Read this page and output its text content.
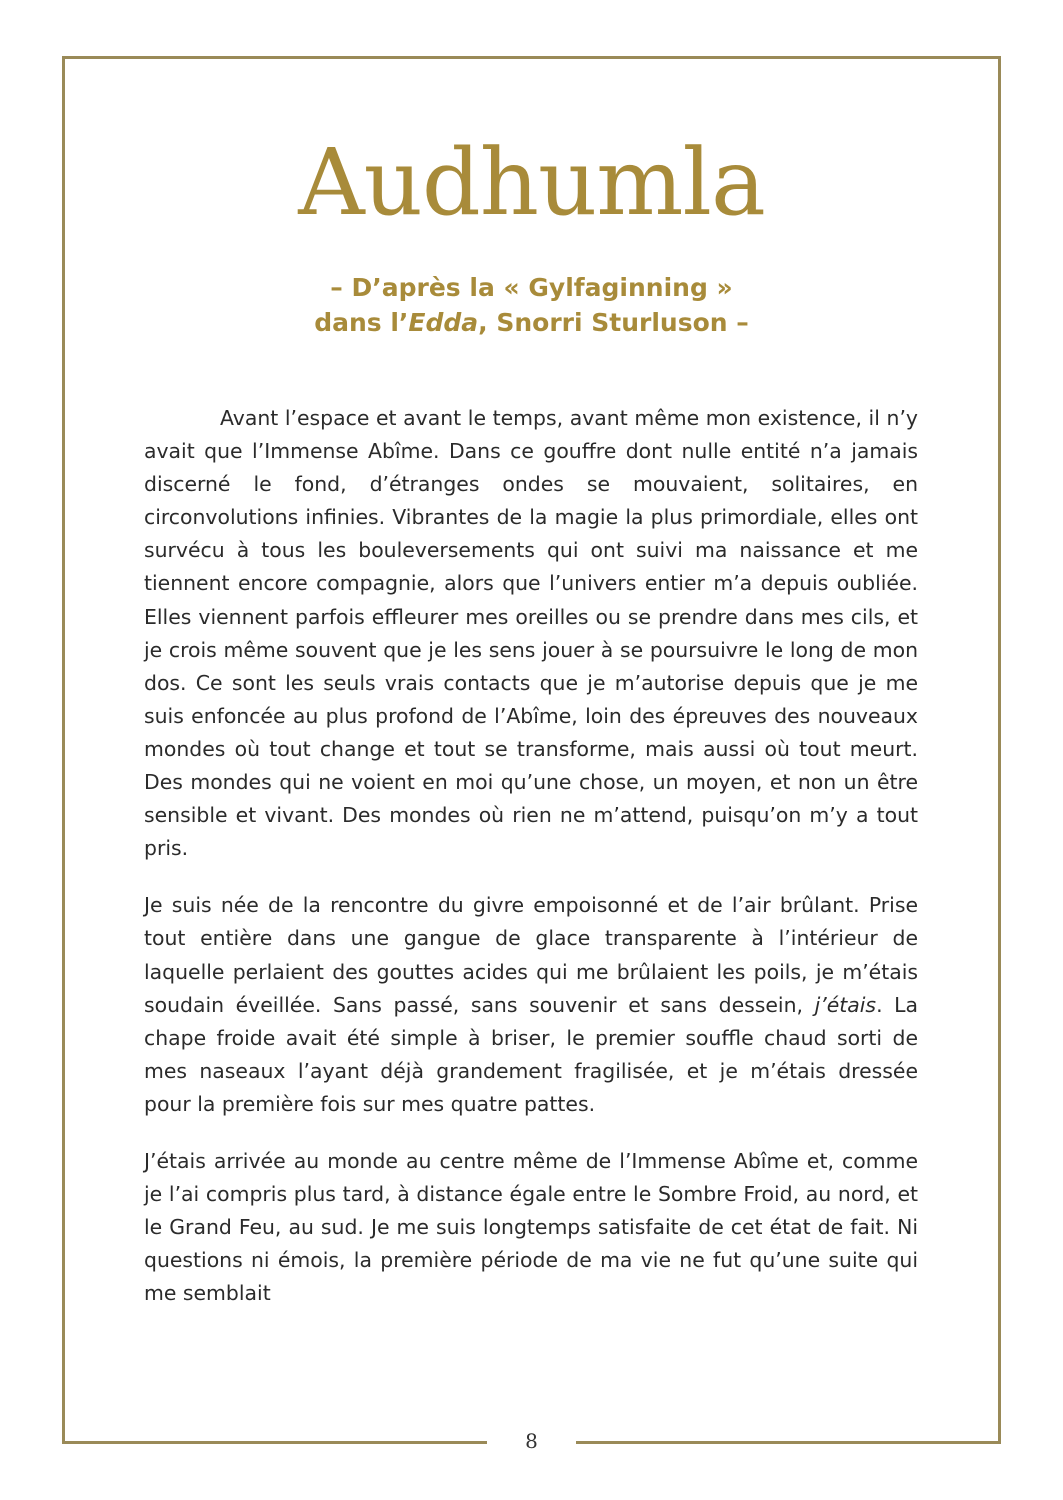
Audhumla
– D’après la « Gylfaginning »
dans l’Edda, Snorri Sturluson –

Avant l’espace et avant le temps, avant même mon existence, il n’y avait que l’Immense Abîme. Dans ce gouffre dont nulle entité n’a jamais discerné le fond, d’étranges ondes se mouvaient, solitaires, en circonvolutions infinies. Vibrantes de la magie la plus primordiale, elles ont survécu à tous les bouleversements qui ont suivi ma naissance et me tiennent encore compagnie, alors que l’univers entier m’a depuis oubliée. Elles viennent parfois effleurer mes oreilles ou se prendre dans mes cils, et je crois même souvent que je les sens jouer à se poursuivre le long de mon dos. Ce sont les seuls vrais contacts que je m’autorise depuis que je me suis enfoncée au plus profond de l’Abîme, loin des épreuves des nouveaux mondes où tout change et tout se transforme, mais aussi où tout meurt. Des mondes qui ne voient en moi qu’une chose, un moyen, et non un être sensible et vivant. Des mondes où rien ne m’attend, puisqu’on m’y a tout pris.

Je suis née de la rencontre du givre empoisonné et de l’air brûlant. Prise tout entière dans une gangue de glace transparente à l’intérieur de laquelle perlaient des gouttes acides qui me brûlaient les poils, je m’étais soudain éveillée. Sans passé, sans souvenir et sans dessein, j’étais. La chape froide avait été simple à briser, le premier souffle chaud sorti de mes naseaux l’ayant déjà grandement fragilisée, et je m’étais dressée pour la première fois sur mes quatre pattes.

J’étais arrivée au monde au centre même de l’Immense Abîme et, comme je l’ai compris plus tard, à distance égale entre le Sombre Froid, au nord, et le Grand Feu, au sud. Je me suis longtemps satisfaite de cet état de fait. Ni questions ni émois, la première période de ma vie ne fut qu’une suite qui me semblait

8
